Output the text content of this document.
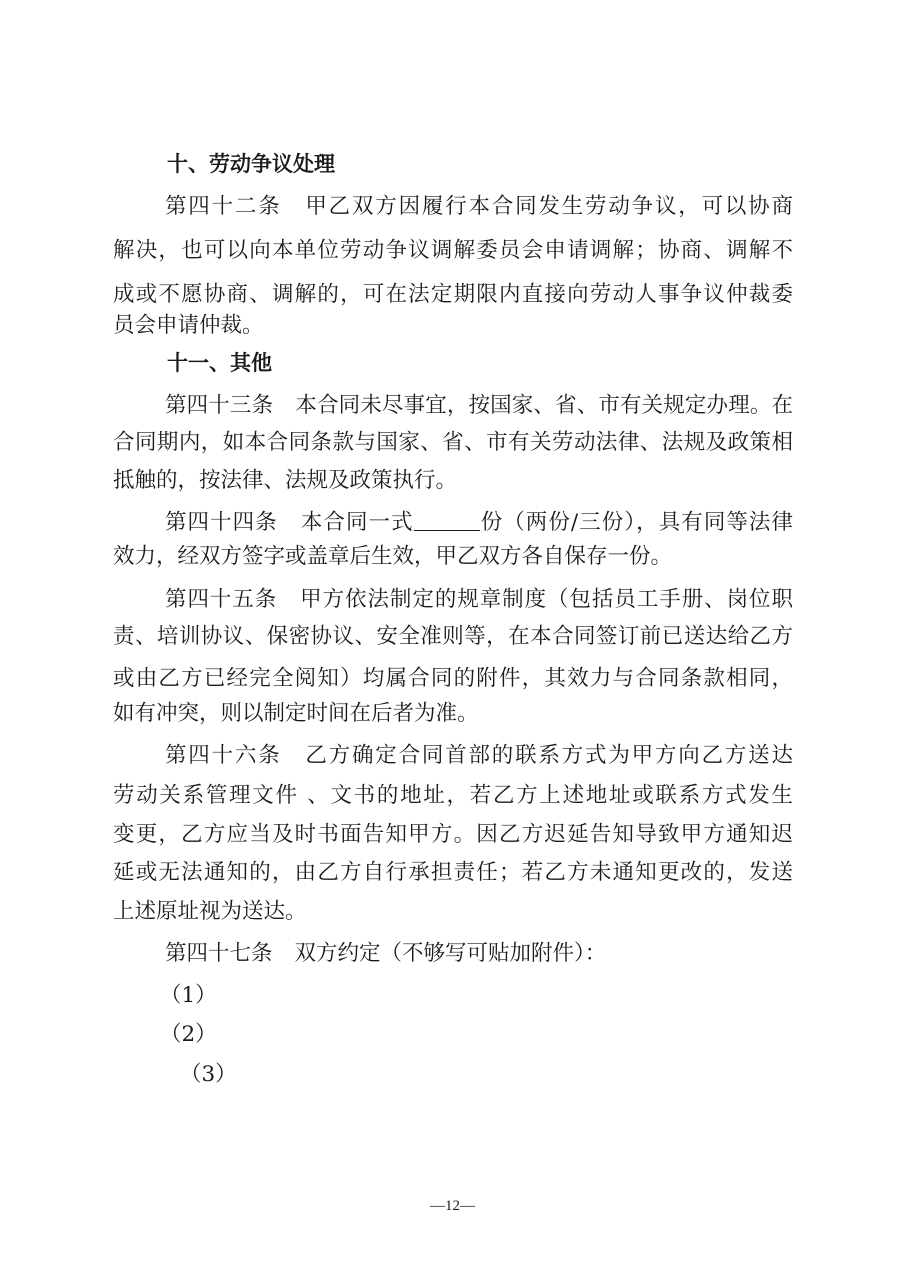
十、劳动争议处理
第四十二条 甲乙双方因履行本合同发生劳动争议，可以协商
解决，也可以向本单位劳动争议调解委员会申请调解；协商、调解不
成或不愿协商、调解的，可在法定期限内直接向劳动人事争议仲裁委
员会申请仲裁。
十一、其他
第四十三条 本合同未尽事宜，按国家、省、市有关规定办理。在
合同期内，如本合同条款与国家、省、市有关劳动法律、法规及政策相
抵触的，按法律、法规及政策执行。
第四十四条 本合同一式	份（两份/三份），具有同等法律
效力，经双方签字或盖章后生效，甲乙双方各自保存一份。
第四十五条 甲方依法制定的规章制度（包括员工手册、岗位职
责、培训协议、保密协议、安全准则等，在本合同签订前已送达给乙方
或由乙方已经完全阅知）均属合同的附件，其效力与合同条款相同，
如有冲突，则以制定时间在后者为准。
第四十六条 乙方确定合同首部的联系方式为甲方向乙方送达
劳动关系管理文件 、文书的地址，若乙方上述地址或联系方式发生
变更，乙方应当及时书面告知甲方。因乙方迟延告知导致甲方通知迟
延或无法通知的，由乙方自行承担责任；若乙方未通知更改的，发送
上述原址视为送达。
第四十七条 双方约定（不够写可贴加附件）：
（1）
（2）
（3）
—12—
